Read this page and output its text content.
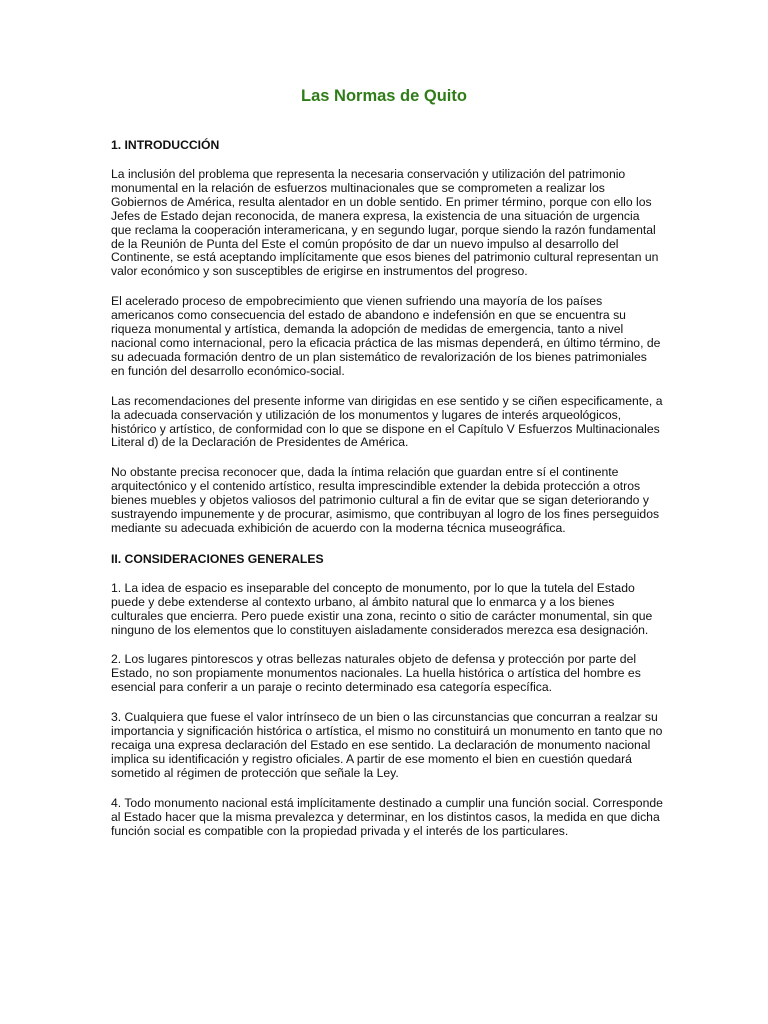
Las Normas de Quito

1. INTRODUCCIÓN

La inclusión del problema que representa la necesaria conservación y utilización del patrimonio monumental en la relación de esfuerzos multinacionales que se comprometen a realizar los Gobiernos de América, resulta alentador en un doble sentido. En primer término, porque con ello los Jefes de Estado dejan reconocida, de manera expresa, la existencia de una situación de urgencia que reclama la cooperación interamericana, y en segundo lugar, porque siendo la razón fundamental de la Reunión de Punta del Este el común propósito de dar un nuevo impulso al desarrollo del Continente, se está aceptando implícitamente que esos bienes del patrimonio cultural representan un valor económico y son susceptibles de erigirse en instrumentos del progreso.

El acelerado proceso de empobrecimiento que vienen sufriendo una mayoría de los países americanos como consecuencia del estado de abandono e indefensión en que se encuentra su riqueza monumental y artística, demanda la adopción de medidas de emergencia, tanto a nivel nacional como internacional, pero la eficacia práctica de las mismas dependerá, en último término, de su adecuada formación dentro de un plan sistemático de revalorización de los bienes patrimoniales en función del desarrollo económico-social.

Las recomendaciones del presente informe van dirigidas en ese sentido y se ciñen especificamente, a la adecuada conservación y utilización de los monumentos y lugares de interés arqueológicos, histórico y artístico, de conformidad con lo que se dispone en el Capítulo V Esfuerzos Multinacionales Literal d) de la Declaración de Presidentes de América.

No obstante precisa reconocer que, dada la íntima relación que guardan entre sí el continente arquitectónico y el contenido artístico, resulta imprescindible extender la debida protección a otros bienes muebles y objetos valiosos del patrimonio cultural a fin de evitar que se sigan deteriorando y sustrayendo impunemente y de procurar, asimismo, que contribuyan al logro de los fines perseguidos mediante su adecuada exhibición de acuerdo con la moderna técnica museográfica.

II. CONSIDERACIONES GENERALES

1. La idea de espacio es inseparable del concepto de monumento, por lo que la tutela del Estado puede y debe extenderse al contexto urbano, al ámbito natural que lo enmarca y a los bienes culturales que encierra. Pero puede existir una zona, recinto o sitio de carácter monumental, sin que ninguno de los elementos que lo constituyen aisladamente considerados merezca esa designación.

2. Los lugares pintorescos y otras bellezas naturales objeto de defensa y protección por parte del Estado, no son propiamente monumentos nacionales. La huella histórica o artística del hombre es esencial para conferir a un paraje o recinto determinado esa categoría específica.

3. Cualquiera que fuese el valor intrínseco de un bien o las circunstancias que concurran a realzar su importancia y significación histórica o artística, el mismo no constituirá un monumento en tanto que no recaiga una expresa declaración del Estado en ese sentido. La declaración de monumento nacional implica su identificación y registro oficiales. A partir de ese momento el bien en cuestión quedará sometido al régimen de protección que señale la Ley.

4. Todo monumento nacional está implícitamente destinado a cumplir una función social. Corresponde al Estado hacer que la misma prevalezca y determinar, en los distintos casos, la medida en que dicha función social es compatible con la propiedad privada y el interés de los particulares.
